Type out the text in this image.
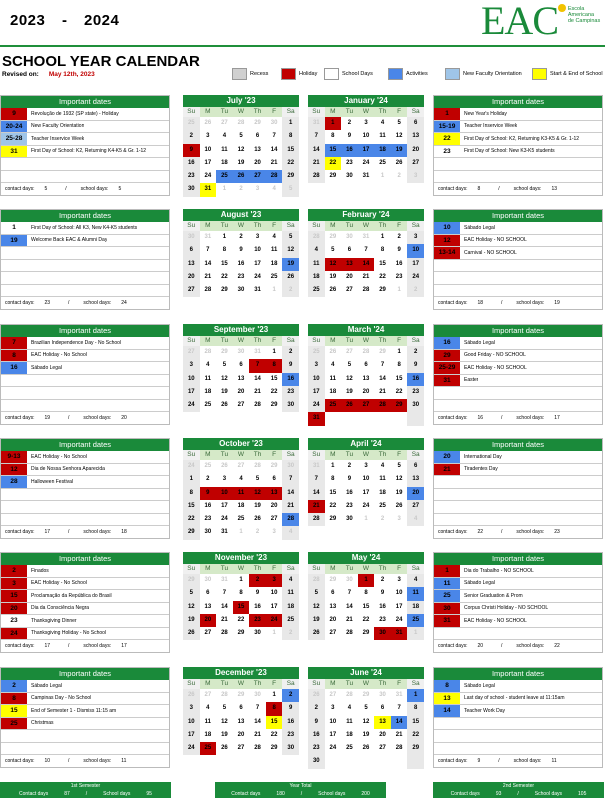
2023 - 2024	EAC Escola Americana de Campinas
SCHOOL YEAR CALENDAR
Revised on: May 12th, 2023	Recess	Holiday	School Days	Activities	New Faculty Orientation	Start & End of School
Important dates
9	Revolução de 1932 (SP state) - Holiday
20-24	New Faculty Orientation
25-28	Teacher Inservice Week
31	First Day of School: K2, Returning K4-K5 & Gr. 1-12
contact days: 5	/	school days: 5
July '23
Su	M	Tu	W	Th	F	Sa
25	26	27	28	29	30	1
2	3	4	5	6	7	8
9	10	11	12	13	14	15
16	17	18	19	20	21	22
23	24	25	26	27	28	29
30	31	1	2	3	4	5
January '24
Su	M	Tu	W	Th	F	Sa
31	1	2	3	4	5	6
7	8	9	10	11	12	13
14	15	16	17	18	19	20
21	22	23	24	25	26	27
28	29	30	31	1	2	3
Important dates
1	New Year's Holiday
15-19	Teacher Inservice Week
22	First Day of School: K2, Returning K3-K5 & Gr. 1-12
23	First Day of School: New K3-K5 students
contact days: 8	/	school days: 13
Important dates
1	First Day of School: All K3, New K4-K5 students
19	Welcome Back EAC & Alumni Day
contact days: 23	/	school days: 24
August '23
Su	M	Tu	W	Th	F	Sa
30	31	1	2	3	4	5
6	7	8	9	10	11	12
13	14	15	16	17	18	19
20	21	22	23	24	25	26
27	28	29	30	31	1	2
February '24
Su	M	Tu	W	Th	F	Sa
28	29	30	31	1	2	3
4	5	6	7	8	9	10
11	12	13	14	15	16	17
18	19	20	21	22	23	24
25	26	27	28	29	1	2
Important dates
10	Sábado Legal
12	EAC Holiday - NO SCHOOL
13-14	Carnival - NO SCHOOL
contact days: 18	/	school days: 19
Important dates
7	Brazilian Independence Day - No School
8	EAC Holiday - No School
16	Sábado Legal
contact days: 19	/	school days: 20
September '23
Su	M	Tu	W	Th	F	Sa
27	28	29	30	31	1	2
3	4	5	6	7	8	9
10	11	12	13	14	15	16
17	18	19	20	21	22	23
24	25	26	27	28	29	30
March '24
Su	M	Tu	W	Th	F	Sa
25	26	27	28	29	1	2
3	4	5	6	7	8	9
10	11	12	13	14	15	16
17	18	19	20	21	22	23
24	25	26	27	28	29	30
31
Important dates
16	Sábado Legal
29	Good Friday - NO SCHOOL
25-29	EAC Holiday - NO SCHOOL
31	Easter
contact days: 16	/	school days: 17
Important dates
9-13	EAC Holiday - No School
12	Dia de Nossa Senhora Aparecida
28	Halloween Festival
contact days: 17	/	school days: 18
October '23
Su	M	Tu	W	Th	F	Sa
24	25	26	27	28	29	30
1	2	3	4	5	6	7
8	9	10	11	12	13	14
15	16	17	18	19	20	21
22	23	24	25	26	27	28
29	30	31	1	2	3	4
April '24
Su	M	Tu	W	Th	F	Sa
31	1	2	3	4	5	6
7	8	9	10	11	12	13
14	15	16	17	18	19	20
21	22	23	24	25	26	27
28	29	30	1	2	3	4
Important dates
20	International Day
21	Tiradentes Day
contact days: 22	/	school days: 23
Important dates
2	Finados
3	EAC Holiday - No School
15	Proclamação da República do Brasil
20	Dia da Consciência Negra
23	Thanksgiving Dinner
24	Thanksgiving Holiday - No School
contact days: 17	/	school days: 17
November '23
Su	M	Tu	W	Th	F	Sa
29	30	31	1	2	3	4
5	6	7	8	9	10	11
12	13	14	15	16	17	18
19	20	21	22	23	24	25
26	27	28	29	30	1	2
May '24
Su	M	Tu	W	Th	F	Sa
28	29	30	1	2	3	4
5	6	7	8	9	10	11
12	13	14	15	16	17	18
19	20	21	22	23	24	25
26	27	28	29	30	31	1
Important dates
1	Dia do Trabalho - NO SCHOOL
11	Sábado Legal
25	Senior Graduation & Prom
30	Corpus Christi Holiday - NO SCHOOL
31	EAC Holiday - NO SCHOOL
contact days: 20	/	school days: 22
Important dates
2	Sábado Legal
8	Campinas Day - No School
15	End of Semester 1 - Dismiss 11:15 am
25	Christmas
contact days: 10	/	school days: 11
December '23
Su	M	Tu	W	Th	F	Sa
26	27	28	29	30	1	2
3	4	5	6	7	8	9
10	11	12	13	14	15	16
17	18	19	20	21	22	23
24	25	26	27	28	29	30
June '24
Su	M	Tu	W	Th	F	Sa
26	27	28	29	30	31	1
2	3	4	5	6	7	8
9	10	11	12	13	14	15
16	17	18	19	20	21	22
23	24	25	26	27	28	29
30
Important dates
8	Sábado Legal
13	Last day of school - student leave at 11:15am
14	Teacher Work Day
contact days: 9	/	school days: 11
1st Semester
Contact days	87	/	School days	95
Year Total
Contact days	180	/	School days	200
2nd Semester
Contact days	93	/	School days	105
